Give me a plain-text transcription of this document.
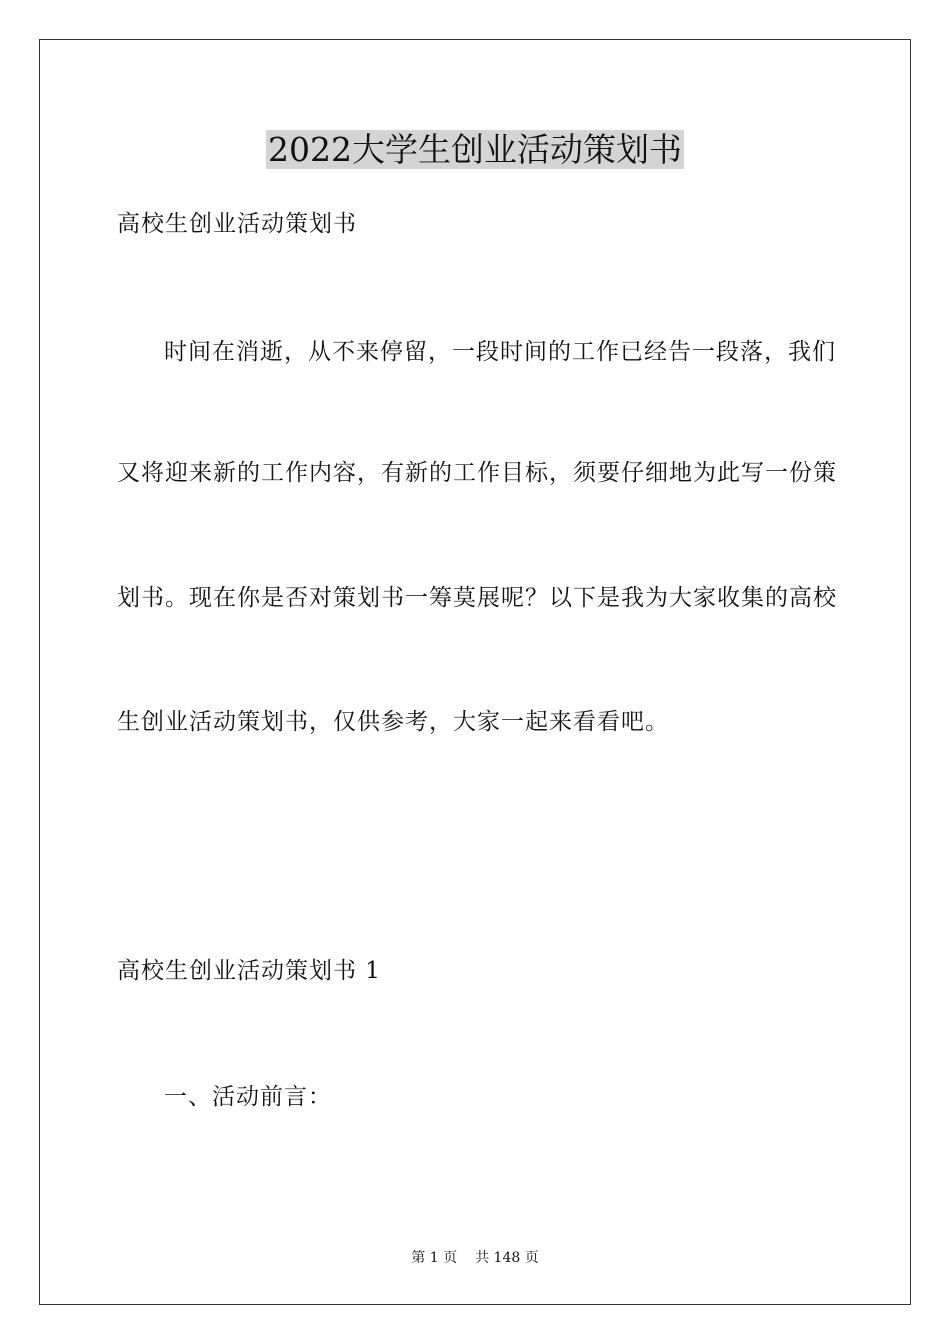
2022大学生创业活动策划书
高校生创业活动策划书
时间在消逝，从不来停留，一段时间的工作已经告一段落，我们
又将迎来新的工作内容，有新的工作目标，须要仔细地为此写一份策
划书。现在你是否对策划书一筹莫展呢？以下是我为大家收集的高校
生创业活动策划书，仅供参考，大家一起来看看吧。
高校生创业活动策划书 1
一、活动前言：
第 1 页 共 148 页
